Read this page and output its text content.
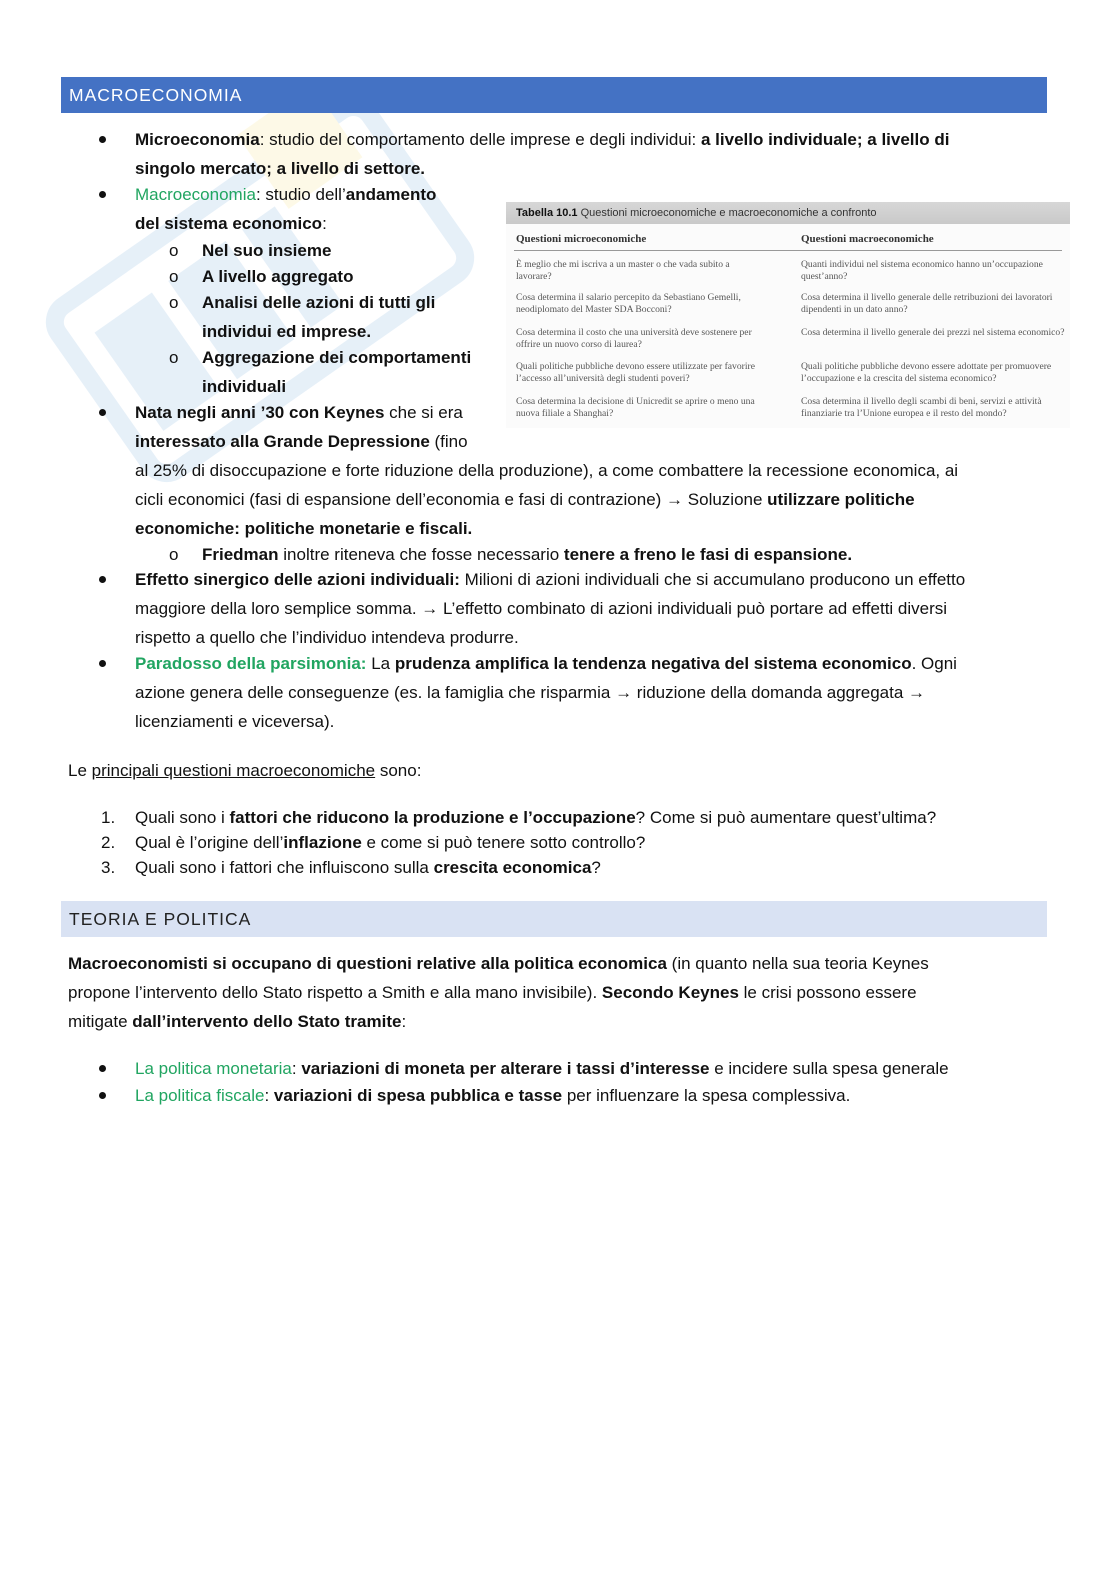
MACROECONOMIA
Microeconomia: studio del comportamento delle imprese e degli individui: a livello individuale; a livello di
singolo mercato; a livello di settore.
Macroeconomia: studio dell’andamento
del sistema economico:
o Nel suo insieme
o A livello aggregato
o Analisi delle azioni di tutti gli
individui ed imprese.
o Aggregazione dei comportamenti
individuali
Tabella 10.1 Questioni microeconomiche e macroeconomiche a confronto
Questioni microeconomiche	Questioni macroeconomiche
È meglio che mi iscriva a un master o che vada subito a lavorare?
Cosa determina il salario percepito da Sebastiano Gemelli, neodiplomato del Master SDA Bocconi?
Cosa determina il costo che una università deve sostenere per offrire un nuovo corso di laurea?
Quali politiche pubbliche devono essere utilizzate per favorire l’accesso all’università degli studenti poveri?
Cosa determina la decisione di Unicredit se aprire o meno una nuova filiale a Shanghai?
Quanti individui nel sistema economico hanno un’occupazione quest’anno?
Cosa determina il livello generale delle retribuzioni dei lavoratori dipendenti in un dato anno?
Cosa determina il livello generale dei prezzi nel sistema economico?
Quali politiche pubbliche devono essere adottate per promuovere l’occupazione e la crescita del sistema economico?
Cosa determina il livello degli scambi di beni, servizi e attività finanziarie tra l’Unione europea e il resto del mondo?
Nata negli anni ’30 con Keynes che si era
interessato alla Grande Depressione (fino
al 25% di disoccupazione e forte riduzione della produzione), a come combattere la recessione economica, ai
cicli economici (fasi di espansione dell’economia e fasi di contrazione) → Soluzione utilizzare politiche
economiche: politiche monetarie e fiscali.
o Friedman inoltre riteneva che fosse necessario tenere a freno le fasi di espansione.
Effetto sinergico delle azioni individuali: Milioni di azioni individuali che si accumulano producono un effetto
maggiore della loro semplice somma. → L’effetto combinato di azioni individuali può portare ad effetti diversi
rispetto a quello che l’individuo intendeva produrre.
Paradosso della parsimonia: La prudenza amplifica la tendenza negativa del sistema economico. Ogni
azione genera delle conseguenze (es. la famiglia che risparmia → riduzione della domanda aggregata →
licenziamenti e viceversa).
Le principali questioni macroeconomiche sono:
1. Quali sono i fattori che riducono la produzione e l’occupazione? Come si può aumentare quest’ultima?
2. Qual è l’origine dell’inflazione e come si può tenere sotto controllo?
3. Quali sono i fattori che influiscono sulla crescita economica?
TEORIA E POLITICA
Macroeconomisti si occupano di questioni relative alla politica economica (in quanto nella sua teoria Keynes
propone l’intervento dello Stato rispetto a Smith e alla mano invisibile). Secondo Keynes le crisi possono essere
mitigate dall’intervento dello Stato tramite:
La politica monetaria: variazioni di moneta per alterare i tassi d’interesse e incidere sulla spesa generale
La politica fiscale: variazioni di spesa pubblica e tasse per influenzare la spesa complessiva.
